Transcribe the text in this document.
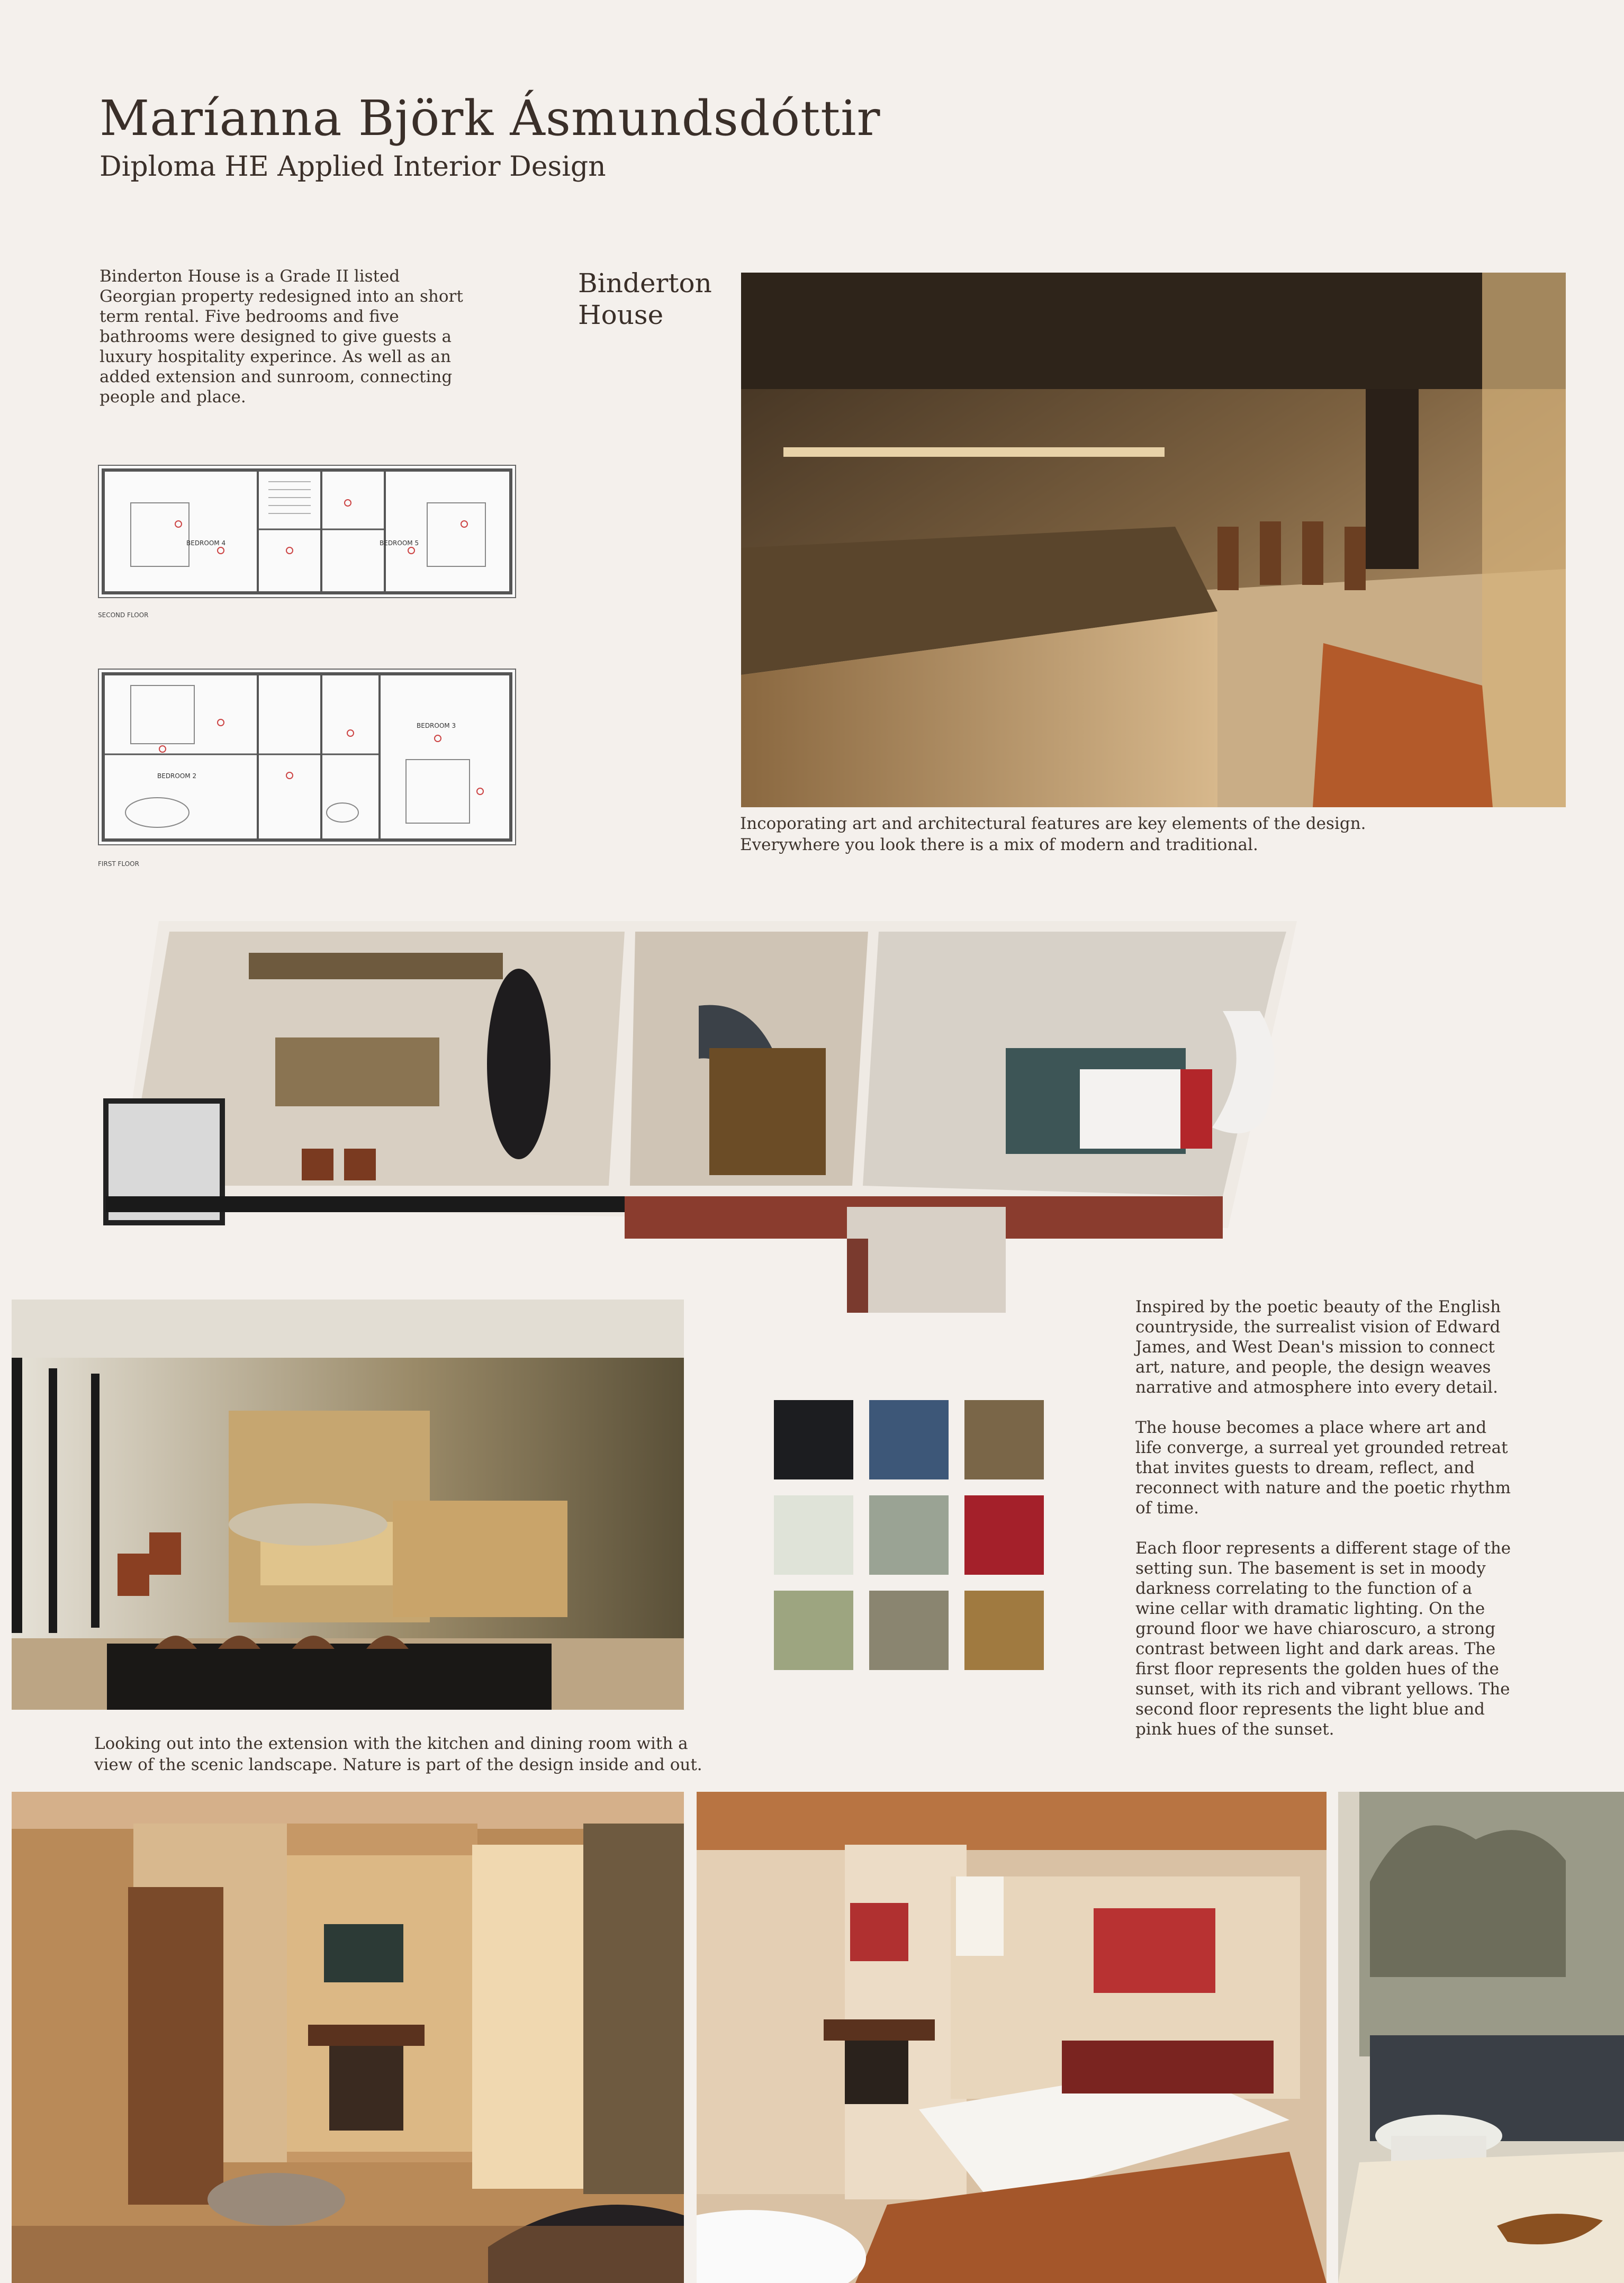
Maríanna Björk Ásmundsdóttir
Diploma HE Applied Interior Design
Binderton House is a Grade II listed Georgian property redesigned into an short term rental. Five bedrooms and five bathrooms were designed to give guests a luxury hospitality experince. As well as an added extension and sunroom, connecting people and place.
Binderton
House
BEDROOM 4	BEDROOM 5
SECOND FLOOR
BEDROOM 2
BEDROOM 3
FIRST FLOOR
Incoporating art and architectural features are key elements of the design.
Everywhere you look there is a mix of modern and traditional.
Looking out into the extension with the kitchen and dining room with a
view of the scenic landscape. Nature is part of the design inside and out.

Inspired by the poetic beauty of the English countryside, the surrealist vision of Edward James, and West Dean's mission to connect art, nature, and people, the design weaves narrative and atmosphere into every detail.

The house becomes a place where art and life converge, a surreal yet grounded retreat that invites guests to dream, reflect, and reconnect with nature and the poetic rhythm of time.

Each floor represents a different stage of the setting sun. The basement is set in moody darkness correlating to the function of a wine cellar with dramatic lighting. On the ground floor we have chiaroscuro, a strong contrast between light and dark areas. The first floor represents the golden hues of the sunset, with its rich and vibrant yellows. The second floor represents the light blue and pink hues of the sunset.
